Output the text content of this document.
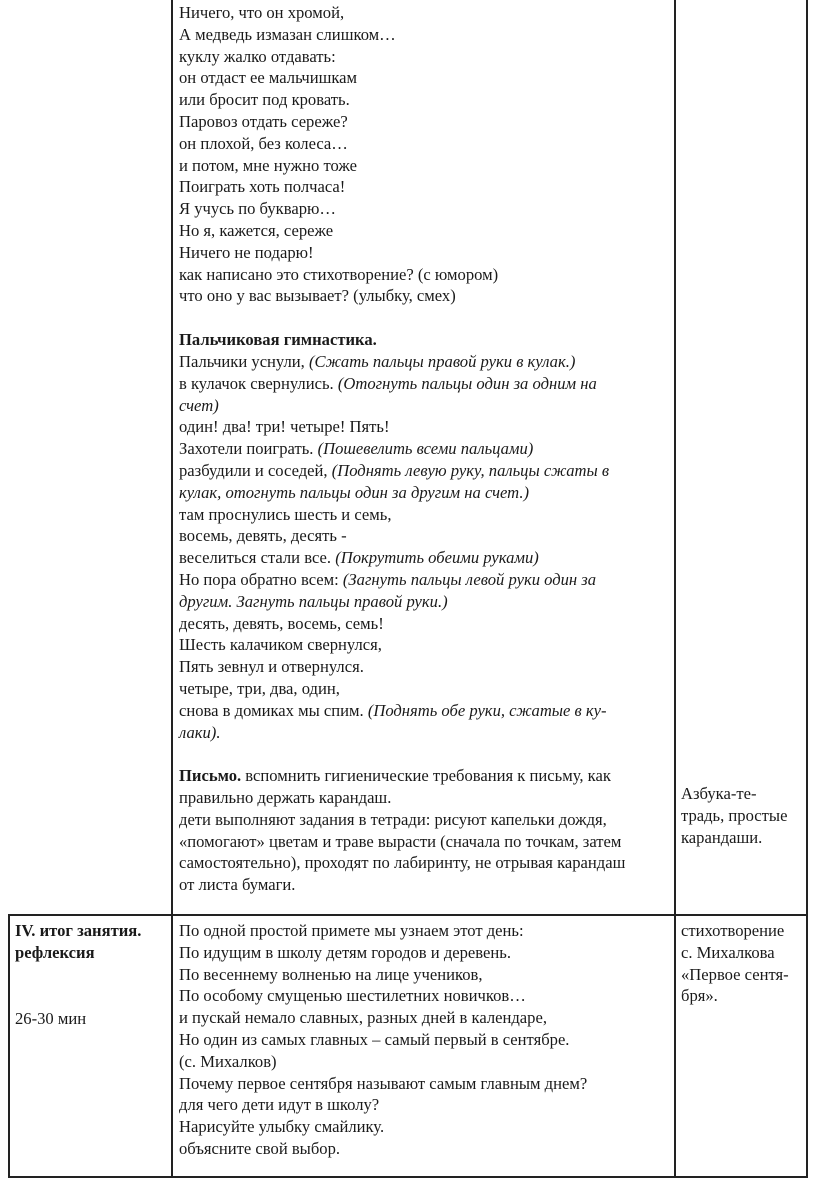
Ничего, что он хромой,
А медведь измазан слишком…
куклу жалко отдавать:
он отдаст ее мальчишкам
или бросит под кровать.
Паровоз отдать сереже?
он плохой, без колеса…
и потом, мне нужно тоже
Поиграть хоть полчаса!
Я учусь по букварю…
Но я, кажется, сереже
Ничего не подарю!
как написано это стихотворение? (с юмором)
что оно у вас вызывает? (улыбку, смех)
Пальчиковая гимнастика.
Пальчики уснули, (Сжать пальцы правой руки в кулак.)
в кулачок свернулись. (Отогнуть пальцы один за одним на
счет)
один! два! три! четыре! Пять!
Захотели поиграть. (Пошевелить всеми пальцами)
разбудили и соседей, (Поднять левую руку, пальцы сжаты в
кулак, отогнуть пальцы один за другим на счет.)
там проснулись шесть и семь,
восемь, девять, десять -
веселиться стали все. (Покрутить обеими руками)
Но пора обратно всем: (Загнуть пальцы левой руки один за
другим. Загнуть пальцы правой руки.)
десять, девять, восемь, семь!
Шесть калачиком свернулся,
Пять зевнул и отвернулся.
четыре, три, два, один,
снова в домиках мы спим. (Поднять обе руки, сжатые в ку-
лаки).
Письмо. вспомнить гигиенические требования к письму, как
правильно держать карандаш.
дети выполняют задания в тетради: рисуют капельки дождя,
«помогают» цветам и траве вырасти (сначала по точкам, затем
самостоятельно), проходят по лабиринту, не отрывая карандаш
от листа бумаги.
Азбука-те-
традь, простые
карандаши.
IV. итог занятия.
рефлексия
26-30 мин
По одной простой примете мы узнаем этот день:
По идущим в школу детям городов и деревень.
По весеннему волненью на лице учеников,
По особому смущенью шестилетних новичков…
и пускай немало славных, разных дней в календаре,
Но один из самых главных – самый первый в сентябре.
(с. Михалков)
Почему первое сентября называют самым главным днем?
для чего дети идут в школу?
Нарисуйте улыбку смайлику.
объясните свой выбор.
стихотворение
с. Михалкова
«Первое сентя-
бря».
